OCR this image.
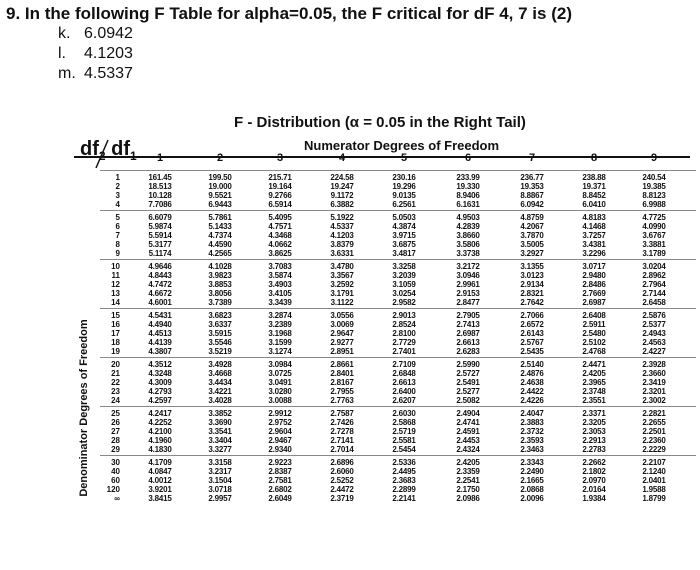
9. In the following F Table for alpha=0.05, the F critical for dF 4, 7 is (2)
k. 6.0942
l. 4.1203
m. 4.5337
F - Distribution (α = 0.05 in the Right Tail)
Numerator Degrees of Freedom
$df_2$ $df_1$	1	2	3	4	5	6	7	8	9
Denominator Degrees of Freedom
1	161.45	199.50	215.71	224.58	230.16	233.99	236.77	238.88	240.54
2	18.513	19.000	19.164	19.247	19.296	19.330	19.353	19.371	19.385
3	10.128	9.5521	9.2766	9.1172	9.0135	8.9406	8.8867	8.8452	8.8123
4	7.7086	6.9443	6.5914	6.3882	6.2561	6.1631	6.0942	6.0410	6.9988
5	6.6079	5.7861	5.4095	5.1922	5.0503	4.9503	4.8759	4.8183	4.7725
6	5.9874	5.1433	4.7571	4.5337	4.3874	4.2839	4.2067	4.1468	4.0990
7	5.5914	4.7374	4.3468	4.1203	3.9715	3.8660	3.7870	3.7257	3.6767
8	5.3177	4.4590	4.0662	3.8379	3.6875	3.5806	3.5005	3.4381	3.3881
9	5.1174	4.2565	3.8625	3.6331	3.4817	3.3738	3.2927	3.2296	3.1789
10	4.9646	4.1028	3.7083	3.4780	3.3258	3.2172	3.1355	3.0717	3.0204
11	4.8443	3.9823	3.5874	3.3567	3.2039	3.0946	3.0123	2.9480	2.8962
12	4.7472	3.8853	3.4903	3.2592	3.1059	2.9961	2.9134	2.8486	2.7964
13	4.6672	3.8056	3.4105	3.1791	3.0254	2.9153	2.8321	2.7669	2.7144
14	4.6001	3.7389	3.3439	3.1122	2.9582	2.8477	2.7642	2.6987	2.6458
15	4.5431	3.6823	3.2874	3.0556	2.9013	2.7905	2.7066	2.6408	2.5876
16	4.4940	3.6337	3.2389	3.0069	2.8524	2.7413	2.6572	2.5911	2.5377
17	4.4513	3.5915	3.1968	2.9647	2.8100	2.6987	2.6143	2.5480	2.4943
18	4.4139	3.5546	3.1599	2.9277	2.7729	2.6613	2.5767	2.5102	2.4563
19	4.3807	3.5219	3.1274	2.8951	2.7401	2.6283	2.5435	2.4768	2.4227
20	4.3512	3.4928	3.0984	2.8661	2.7109	2.5990	2.5140	2.4471	2.3928
21	4.3248	3.4668	3.0725	2.8401	2.6848	2.5727	2.4876	2.4205	2.3660
22	4.3009	3.4434	3.0491	2.8167	2.6613	2.5491	2.4638	2.3965	2.3419
23	4.2793	3.4221	3.0280	2.7955	2.6400	2.5277	2.4422	2.3748	2.3201
24	4.2597	3.4028	3.0088	2.7763	2.6207	2.5082	2.4226	2.3551	2.3002
25	4.2417	3.3852	2.9912	2.7587	2.6030	2.4904	2.4047	2.3371	2.2821
26	4.2252	3.3690	2.9752	2.7426	2.5868	2.4741	2.3883	2.3205	2.2655
27	4.2100	3.3541	2.9604	2.7278	2.5719	2.4591	2.3732	2.3053	2.2501
28	4.1960	3.3404	2.9467	2.7141	2.5581	2.4453	2.3593	2.2913	2.2360
29	4.1830	3.3277	2.9340	2.7014	2.5454	2.4324	2.3463	2.2783	2.2229
30	4.1709	3.3158	2.9223	2.6896	2.5336	2.4205	2.3343	2.2662	2.2107
40	4.0847	3.2317	2.8387	2.6060	2.4495	2.3359	2.2490	2.1802	2.1240
60	4.0012	3.1504	2.7581	2.5252	2.3683	2.2541	2.1665	2.0970	2.0401
120	3.9201	3.0718	2.6802	2.4472	2.2899	2.1750	2.0868	2.0164	1.9588
∞	3.8415	2.9957	2.6049	2.3719	2.2141	2.0986	2.0096	1.9384	1.8799
